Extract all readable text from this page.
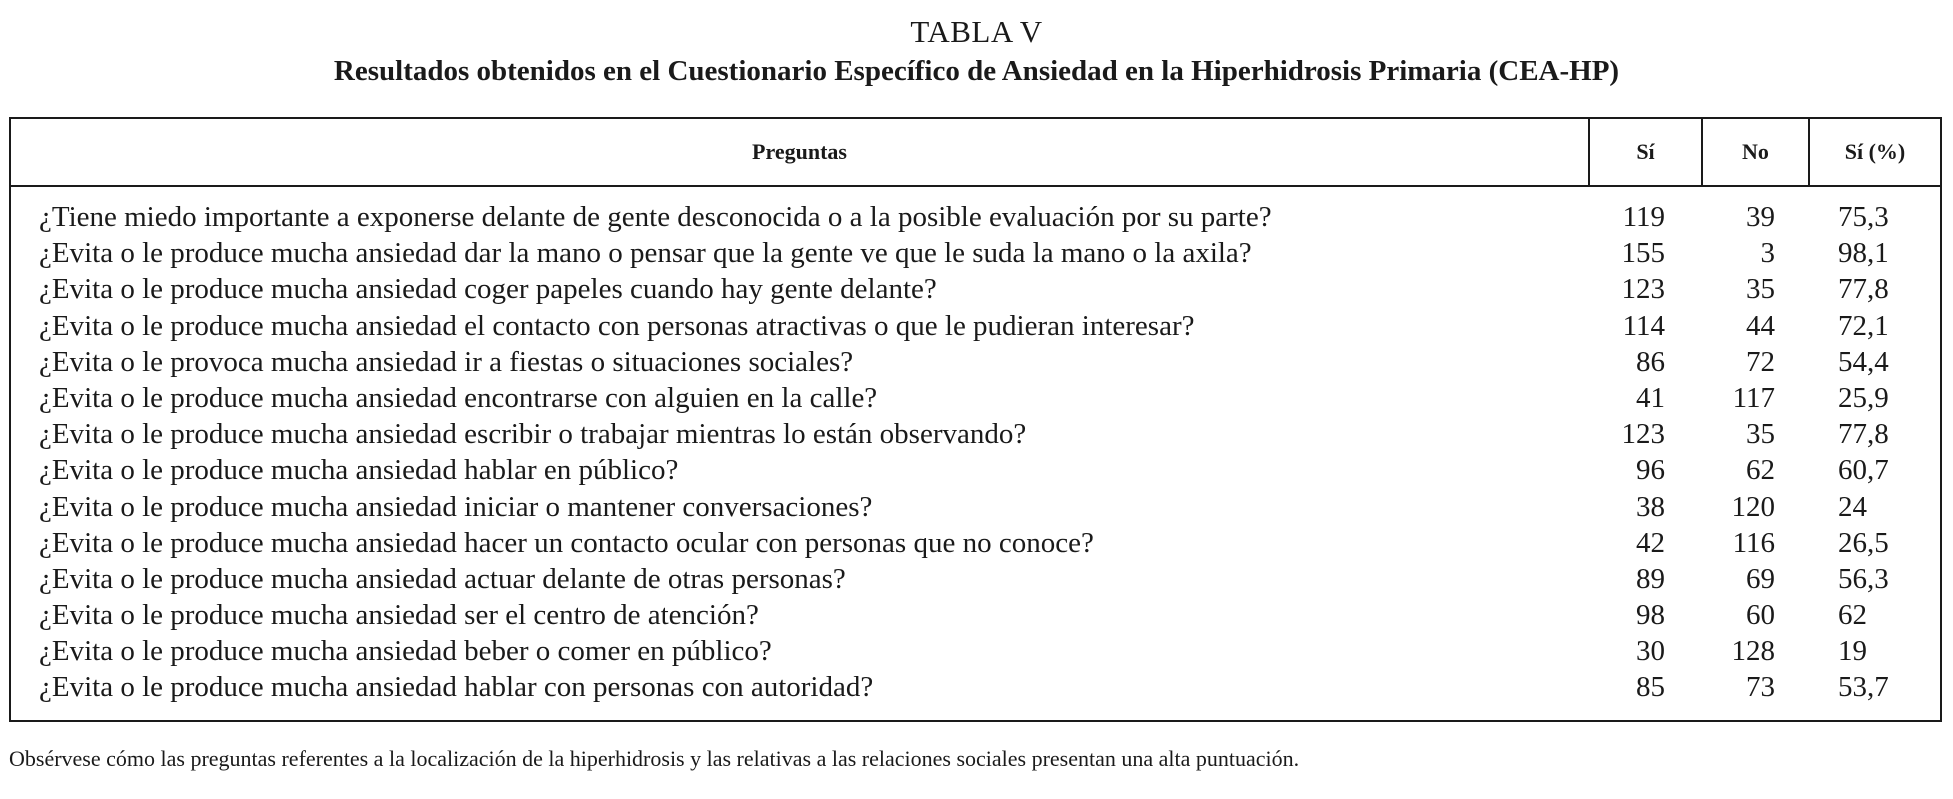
TABLA V
Resultados obtenidos en el Cuestionario Específico de Ansiedad en la Hiperhidrosis Primaria (CEA-HP)
Preguntas	Sí	No	Sí (%)
¿Tiene miedo importante a exponerse delante de gente desconocida o a la posible evaluación por su parte?	119	39 75,3
¿Evita o le produce mucha ansiedad dar la mano o pensar que la gente ve que le suda la mano o la axila?	155	3 98,1
¿Evita o le produce mucha ansiedad coger papeles cuando hay gente delante?	123	35 77,8
¿Evita o le produce mucha ansiedad el contacto con personas atractivas o que le pudieran interesar?	114	44 72,1
¿Evita o le provoca mucha ansiedad ir a fiestas o situaciones sociales?	86	72 54,4
¿Evita o le produce mucha ansiedad encontrarse con alguien en la calle?	41	117 25,9
¿Evita o le produce mucha ansiedad escribir o trabajar mientras lo están observando?	123	35 77,8
¿Evita o le produce mucha ansiedad hablar en público?	96	62 60,7
¿Evita o le produce mucha ansiedad iniciar o mantener conversaciones?	38	120 24
¿Evita o le produce mucha ansiedad hacer un contacto ocular con personas que no conoce?	42	116 26,5
¿Evita o le produce mucha ansiedad actuar delante de otras personas?	89	69 56,3
¿Evita o le produce mucha ansiedad ser el centro de atención?	98	60 62
¿Evita o le produce mucha ansiedad beber o comer en público?	30	128 19
¿Evita o le produce mucha ansiedad hablar con personas con autoridad?	85	73 53,7
Obsérvese cómo las preguntas referentes a la localización de la hiperhidrosis y las relativas a las relaciones sociales presentan una alta puntuación.
